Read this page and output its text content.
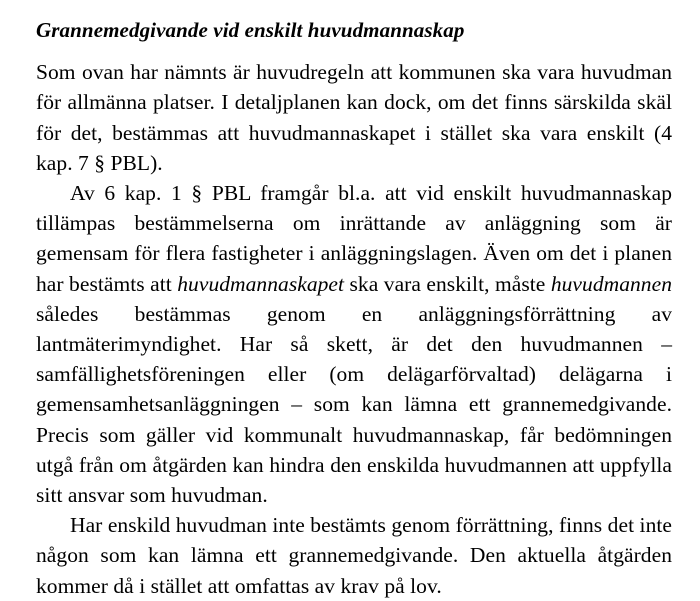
Grannemedgivande vid enskilt huvudmannaskap

Som ovan har nämnts är huvudregeln att kommunen ska vara huvudman för allmänna platser. I detaljplanen kan dock, om det finns särskilda skäl för det, bestämmas att huvudmannaskapet i stället ska vara enskilt (4 kap. 7 § PBL).

Av 6 kap. 1 § PBL framgår bl.a. att vid enskilt huvudmannaskap tillämpas bestämmelserna om inrättande av anläggning som är gemensam för flera fastigheter i anläggningslagen. Även om det i planen har bestämts att huvudmannaskapet ska vara enskilt, måste huvudmannen således bestämmas genom en anläggningsförrättning av lantmäterimyndighet. Har så skett, är det den huvudmannen – samfällighetsföreningen eller (om delägarförvaltad) delägarna i gemensamhetsanläggningen – som kan lämna ett grannemedgivande. Precis som gäller vid kommunalt huvudmannaskap, får bedömningen utgå från om åtgärden kan hindra den enskilda huvudmannen att uppfylla sitt ansvar som huvudman.

Har enskild huvudman inte bestämts genom förrättning, finns det inte någon som kan lämna ett grannemedgivande. Den aktuella åtgärden kommer då i stället att omfattas av krav på lov.
